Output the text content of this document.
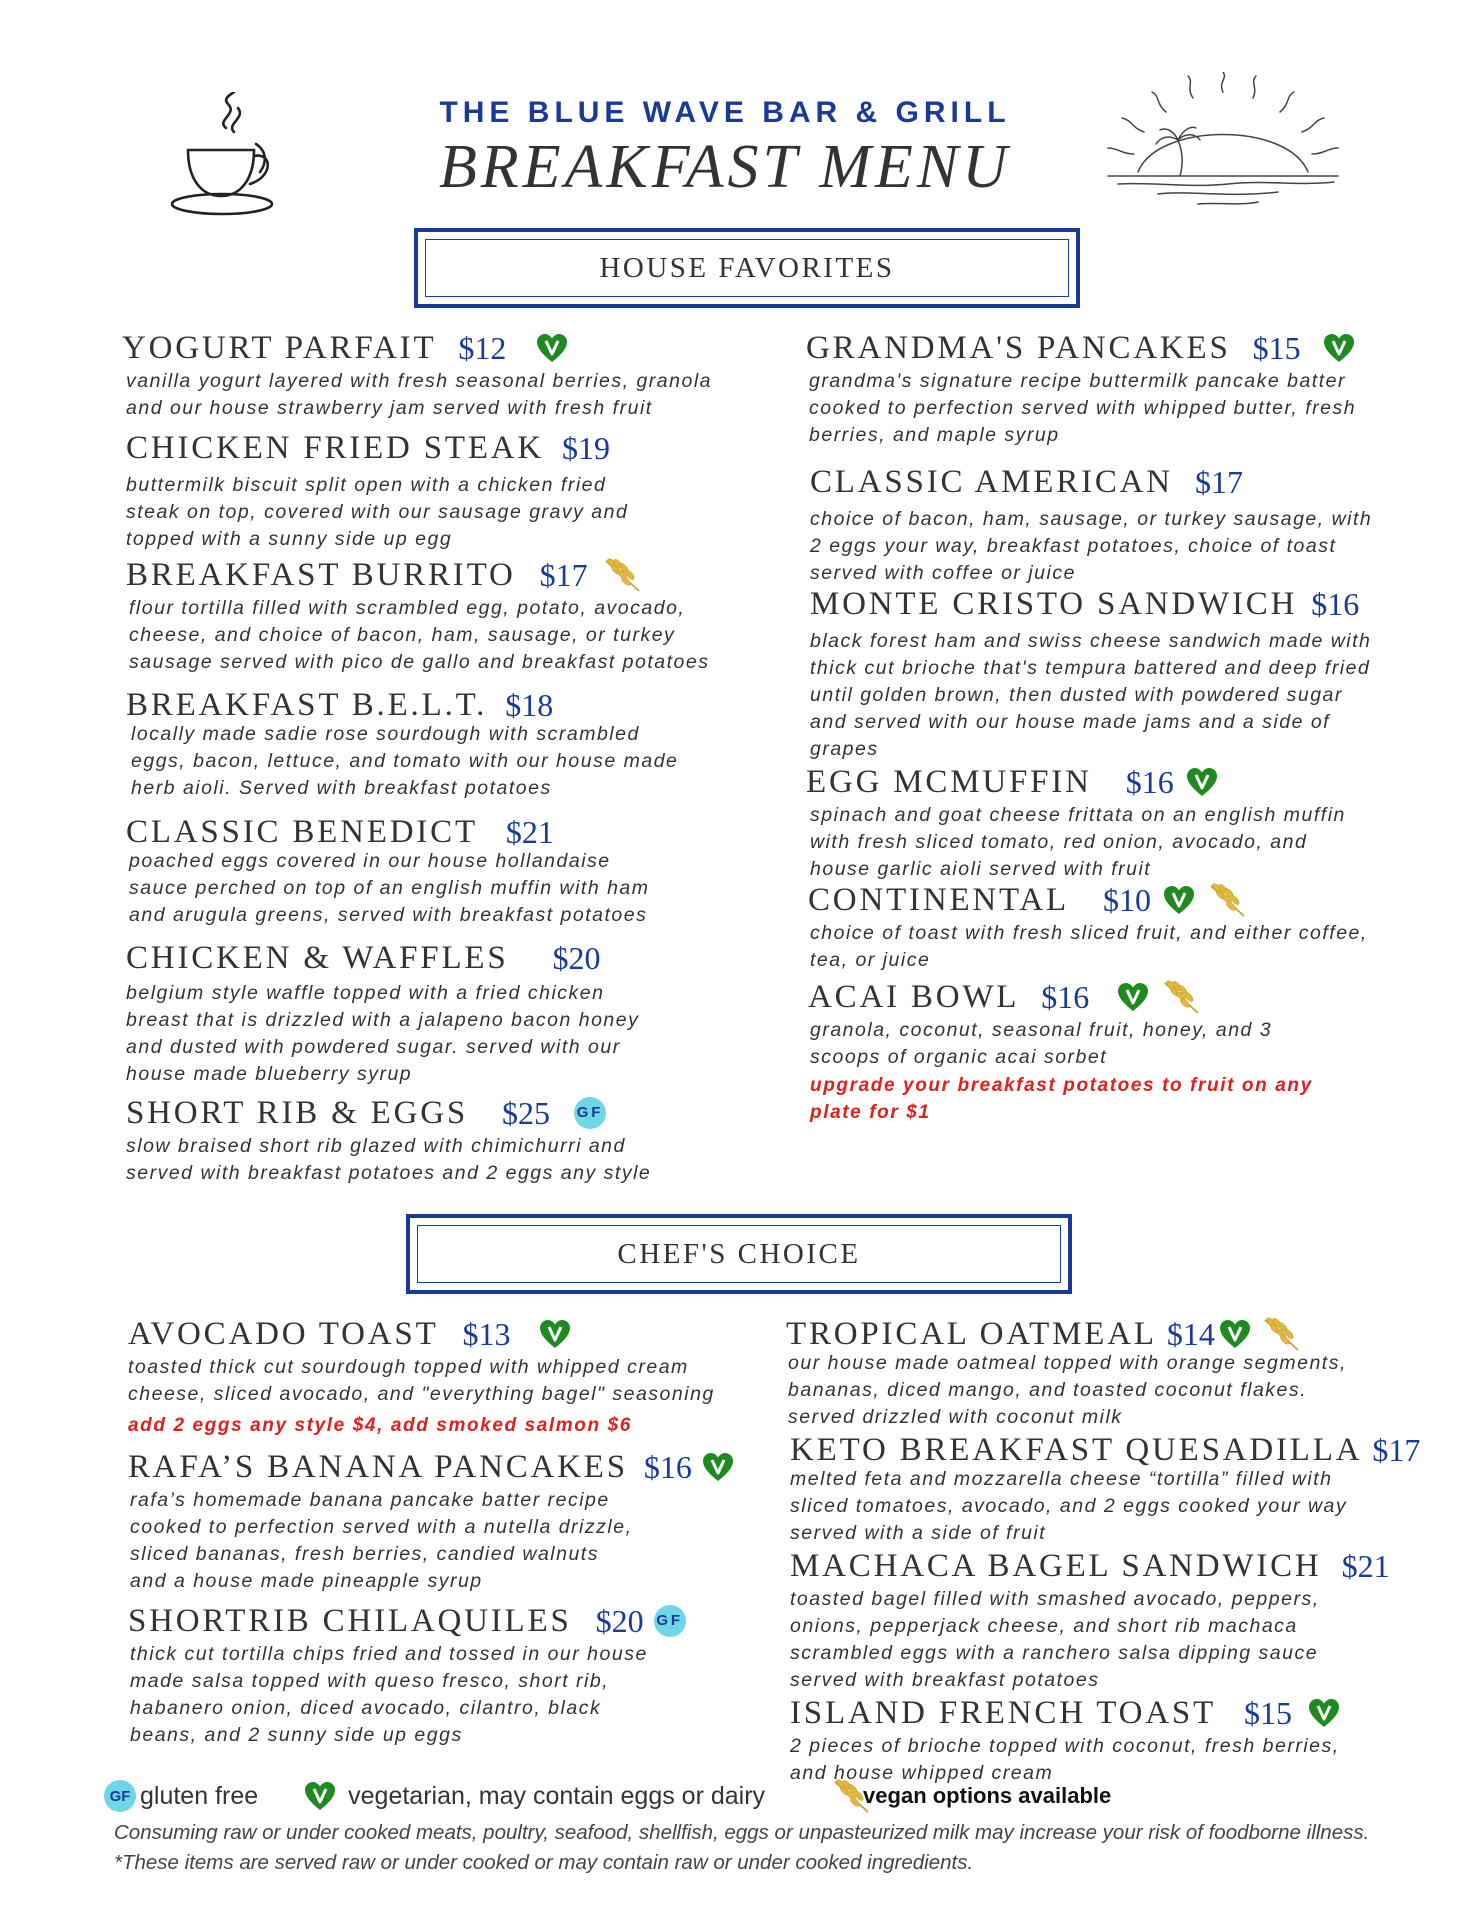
THE BLUE WAVE BAR & GRILL
BREAKFAST MENU
HOUSE FAVORITES
YOGURT PARFAIT $12
vanilla yogurt layered with fresh seasonal berries, granola
and our house strawberry jam served with fresh fruit
CHICKEN FRIED STEAK $19
buttermilk biscuit split open with a chicken fried
steak on top, covered with our sausage gravy and
topped with a sunny side up egg
BREAKFAST BURRITO $17
flour tortilla filled with scrambled egg, potato, avocado,
cheese, and choice of bacon, ham, sausage, or turkey
sausage served with pico de gallo and breakfast potatoes
BREAKFAST B.E.L.T. $18
locally made sadie rose sourdough with scrambled
eggs, bacon, lettuce, and tomato with our house made
herb aioli. Served with breakfast potatoes
CLASSIC BENEDICT $21
poached eggs covered in our house hollandaise
sauce perched on top of an english muffin with ham
and arugula greens, served with breakfast potatoes
CHICKEN & WAFFLES $20
belgium style waffle topped with a fried chicken
breast that is drizzled with a jalapeno bacon honey
and dusted with powdered sugar. served with our
house made blueberry syrup
SHORT RIB & EGGS $25 GF
slow braised short rib glazed with chimichurri and
served with breakfast potatoes and 2 eggs any style
GRANDMA'S PANCAKES $15
grandma's signature recipe buttermilk pancake batter
cooked to perfection served with whipped butter, fresh
berries, and maple syrup
CLASSIC AMERICAN $17
choice of bacon, ham, sausage, or turkey sausage, with
2 eggs your way, breakfast potatoes, choice of toast
served with coffee or juice
MONTE CRISTO SANDWICH $16
black forest ham and swiss cheese sandwich made with
thick cut brioche that's tempura battered and deep fried
until golden brown, then dusted with powdered sugar
and served with our house made jams and a side of
grapes
EGG MCMUFFIN $16
spinach and goat cheese frittata on an english muffin
with fresh sliced tomato, red onion, avocado, and
house garlic aioli served with fruit
CONTINENTAL $10
choice of toast with fresh sliced fruit, and either coffee,
tea, or juice
ACAI BOWL $16
granola, coconut, seasonal fruit, honey, and 3
scoops of organic acai sorbet
upgrade your breakfast potatoes to fruit on any
plate for $1
CHEF'S CHOICE
AVOCADO TOAST $13
toasted thick cut sourdough topped with whipped cream
cheese, sliced avocado, and "everything bagel" seasoning
add 2 eggs any style $4, add smoked salmon $6
RAFA’S BANANA PANCAKES $16
rafa’s homemade banana pancake batter recipe
cooked to perfection served with a nutella drizzle,
sliced bananas, fresh berries, candied walnuts
and a house made pineapple syrup
SHORTRIB CHILAQUILES $20 GF
thick cut tortilla chips fried and tossed in our house
made salsa topped with queso fresco, short rib,
habanero onion, diced avocado, cilantro, black
beans, and 2 sunny side up eggs
TROPICAL OATMEAL $14
our house made oatmeal topped with orange segments,
bananas, diced mango, and toasted coconut flakes.
served drizzled with coconut milk
KETO BREAKFAST QUESADILLA $17
melted feta and mozzarella cheese “tortilla” filled with
sliced tomatoes, avocado, and 2 eggs cooked your way
served with a side of fruit
MACHACA BAGEL SANDWICH $21
toasted bagel filled with smashed avocado, peppers,
onions, pepperjack cheese, and short rib machaca
scrambled eggs with a ranchero salsa dipping sauce
served with breakfast potatoes
ISLAND FRENCH TOAST $15
2 pieces of brioche topped with coconut, fresh berries,
and house whipped cream
GF gluten free	vegetarian, may contain eggs or dairy	vegan options available
Consuming raw or under cooked meats, poultry, seafood, shellfish, eggs or unpasteurized milk may increase your risk of foodborne illness.
*These items are served raw or under cooked or may contain raw or under cooked ingredients.
